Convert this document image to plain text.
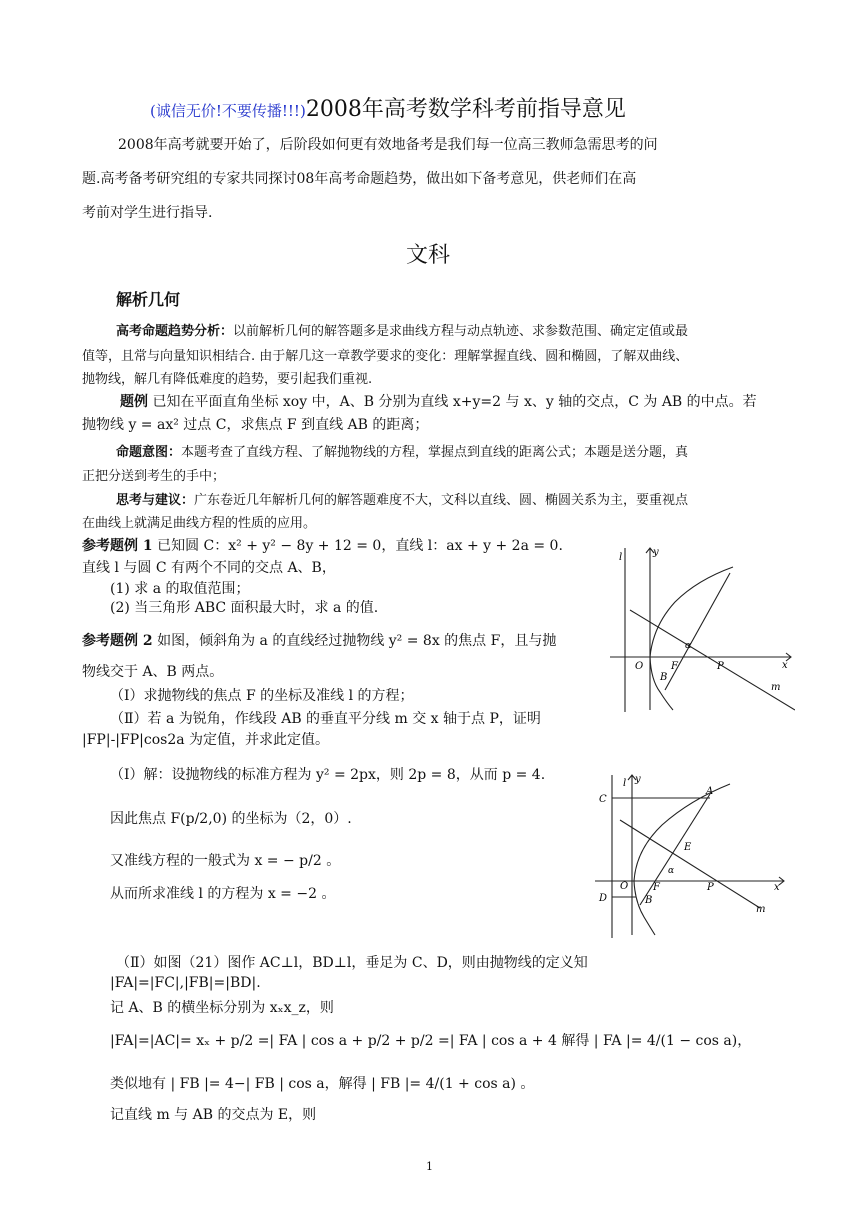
(诚信无价!不要传播!!!)2008年高考数学科考前指导意见
2008年高考就要开始了，后阶段如何更有效地备考是我们每一位高三教师急需思考的问
题.高考备考研究组的专家共同探讨08年高考命题趋势，做出如下备考意见，供老师们在高
考前对学生进行指导.
文科
解析几何
高考命题趋势分析：以前解析几何的解答题多是求曲线方程与动点轨迹、求参数范围、确定定值或最
值等，且常与向量知识相结合. 由于解几这一章教学要求的变化：理解掌握直线、圆和椭圆，了解双曲线、
抛物线，解几有降低难度的趋势，要引起我们重视.
题例 已知在平面直角坐标 xoy 中，A、B 分别为直线 x+y=2 与 x、y 轴的交点，C 为 AB 的中点。若
抛物线 y = ax² 过点 C，求焦点 F 到直线 AB 的距离；
命题意图：本题考查了直线方程、了解抛物线的方程，掌握点到直线的距离公式；本题是送分题，真
正把分送到考生的手中；
思考与建议：广东卷近几年解析几何的解答题难度不大，文科以直线、圆、椭圆关系为主，要重视点
在曲线上就满足曲线方程的性质的应用。
参考题例 1 已知圆 C：x² + y² − 8y + 12 = 0，直线 l：ax + y + 2a = 0.
直线 l 与圆 C 有两个不同的交点 A、B，
(1) 求 a 的取值范围；
(2) 当三角形 ABC 面积最大时，求 a 的值.
参考题例 2 如图，倾斜角为 a 的直线经过抛物线 y² = 8x 的焦点 F，且与抛
物线交于 A、B 两点。
（Ⅰ）求抛物线的焦点 F 的坐标及准线 l 的方程；
（Ⅱ）若 a 为锐角，作线段 AB 的垂直平分线 m 交 x 轴于点 P，证明
|FP|-|FP|cos2a 为定值，并求此定值。
（Ⅰ）解：设抛物线的标准方程为 y² = 2px，则 2p = 8，从而 p = 4.
因此焦点 F(p/2,0) 的坐标为（2，0）.
又准线方程的一般式为 x = − p/2 。
从而所求准线 l 的方程为 x = −2 。
（Ⅱ）如图（21）图作 AC⊥l，BD⊥l，垂足为 C、D，则由抛物线的定义知
|FA|=|FC|,|FB|=|BD|.
记 A、B 的横坐标分别为 xₓx_z，则
|FA|=|AC|= xₓ + p/2 =| FA | cos a + p/2 + p/2 =| FA | cos a + 4 解得 | FA |= 4/(1 − cos a)，
类似地有 | FB |= 4−| FB | cos a，解得 | FB |= 4/(1 + cos a) 。
记直线 m 与 AB 的交点为 E，则
l	y
O	F	P	x
B
m
α
l y
C
A
E
O F	P	x
D	B
m
α
1
